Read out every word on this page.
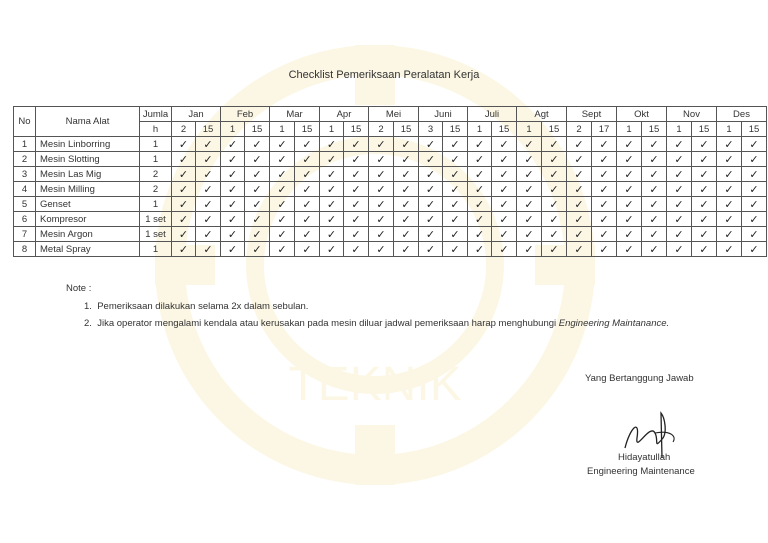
TEKNIK
Checklist Pemeriksaan Peralatan Kerja
No	Nama Alat	Jumla	Jan		Feb		Mar		Apr		Mei		Juni		Juli		Agt		Sept		Okt		Nov		Des	
		h	2	15	1	15	1	15	1	15	2	15	3	15	1	15	1	15	2	17	1	15	1	15	1	15
1	Mesin Linborring	1	✓	✓	✓	✓	✓	✓	✓	✓	✓	✓	✓	✓	✓	✓	✓	✓	✓	✓	✓	✓	✓	✓	✓	✓
2	Mesin Slotting	1	✓	✓	✓	✓	✓	✓	✓	✓	✓	✓	✓	✓	✓	✓	✓	✓	✓	✓	✓	✓	✓	✓	✓	✓
3	Mesin Las Mig	2	✓	✓	✓	✓	✓	✓	✓	✓	✓	✓	✓	✓	✓	✓	✓	✓	✓	✓	✓	✓	✓	✓	✓	✓
4	Mesin Milling	2	✓	✓	✓	✓	✓	✓	✓	✓	✓	✓	✓	✓	✓	✓	✓	✓	✓	✓	✓	✓	✓	✓	✓	✓
5	Genset	1	✓	✓	✓	✓	✓	✓	✓	✓	✓	✓	✓	✓	✓	✓	✓	✓	✓	✓	✓	✓	✓	✓	✓	✓
6	Kompresor	1 set	✓	✓	✓	✓	✓	✓	✓	✓	✓	✓	✓	✓	✓	✓	✓	✓	✓	✓	✓	✓	✓	✓	✓	✓
7	Mesin Argon	1 set	✓	✓	✓	✓	✓	✓	✓	✓	✓	✓	✓	✓	✓	✓	✓	✓	✓	✓	✓	✓	✓	✓	✓	✓
8	Metal Spray	1	✓	✓	✓	✓	✓	✓	✓	✓	✓	✓	✓	✓	✓	✓	✓	✓	✓	✓	✓	✓	✓	✓	✓	✓
Note :
1. Pemeriksaan dilakukan selama 2x dalam sebulan.
2. Jika operator mengalami kendala atau kerusakan pada mesin diluar jadwal pemeriksaan harap menghubungi Engineering Maintanance.
Yang Bertanggung Jawab
Hidayatullah
Engineering Maintenance
